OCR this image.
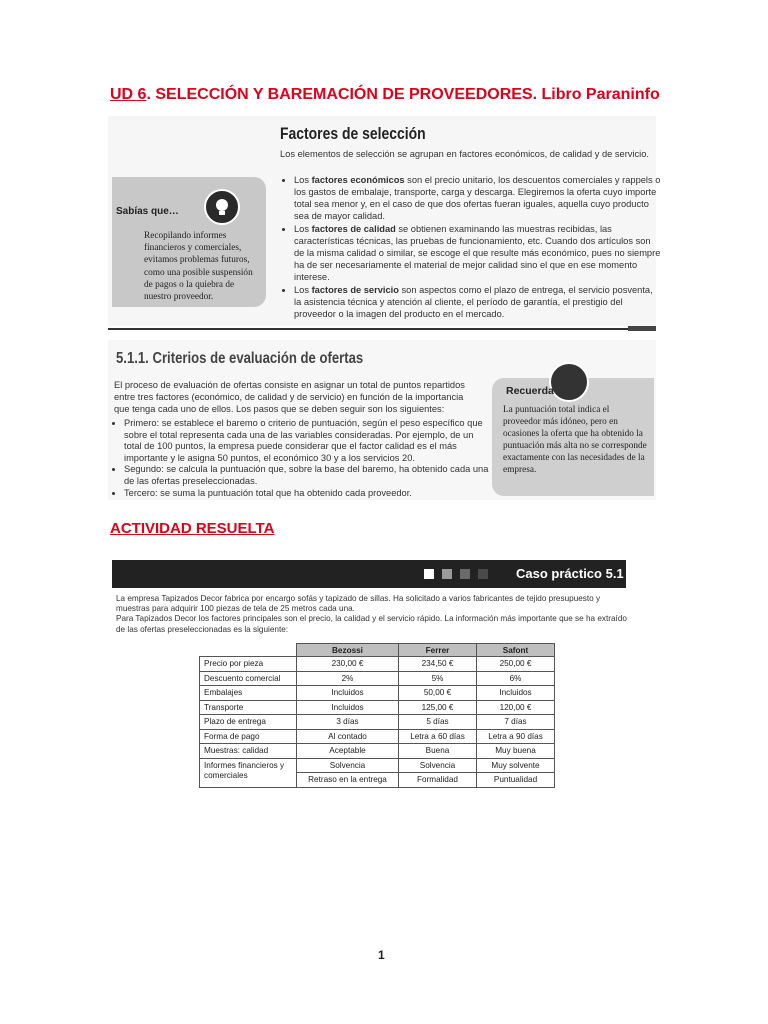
UD 6. SELECCIÓN Y BAREMACIÓN DE PROVEEDORES. Libro Paraninfo
Factores de selección
Los elementos de selección se agrupan en factores económicos, de calidad y de servicio.
• Los factores económicos son el precio unitario, los descuentos comerciales y rappels o los gastos de embalaje, transporte, carga y descarga. Elegiremos la oferta cuyo importe total sea menor y, en el caso de que dos ofertas fueran iguales, aquella cuyo producto sea de mayor calidad.
• Los factores de calidad se obtienen examinando las muestras recibidas, las características técnicas, las pruebas de funcionamiento, etc. Cuando dos artículos son de la misma calidad o similar, se escoge el que resulte más económico, pues no siempre ha de ser necesariamente el material de mejor calidad sino el que en ese momento interese.
• Los factores de servicio son aspectos como el plazo de entrega, el servicio posventa, la asistencia técnica y atención al cliente, el período de garantía, el prestigio del proveedor o la imagen del producto en el mercado.
Sabías que…
Recopilando informes financieros y comerciales, evitamos problemas futuros, como una posible suspensión de pagos o la quiebra de nuestro proveedor.
5.1.1. Criterios de evaluación de ofertas
El proceso de evaluación de ofertas consiste en asignar un total de puntos repartidos entre tres factores (económico, de calidad y de servicio) en función de la importancia que tenga cada uno de ellos. Los pasos que se deben seguir son los siguientes:
• Primero: se establece el baremo o criterio de puntuación, según el peso específico que sobre el total representa cada una de las variables consideradas. Por ejemplo, de un total de 100 puntos, la empresa puede considerar que el factor calidad es el más importante y le asigna 50 puntos, el económico 30 y a los servicios 20.
• Segundo: se calcula la puntuación que, sobre la base del baremo, ha obtenido cada una de las ofertas preseleccionadas.
• Tercero: se suma la puntuación total que ha obtenido cada proveedor.
Recuerda
La puntuación total indica el proveedor más idóneo, pero en ocasiones la oferta que ha obtenido la puntuación más alta no se corresponde exactamente con las necesidades de la empresa.
ACTIVIDAD RESUELTA
Caso práctico 5.1
La empresa Tapizados Decor fabrica por encargo sofás y tapizado de sillas. Ha solicitado a varios fabricantes de tejido presupuesto y muestras para adquirir 100 piezas de tela de 25 metros cada una.
Para Tapizados Decor los factores principales son el precio, la calidad y el servicio rápido. La información más importante que se ha extraído de las ofertas preseleccionadas es la siguiente:
	Bezossi	Ferrer	Safont
Precio por pieza	230,00 €	234,50 €	250,00 €
Descuento comercial	2%	5%	6%
Embalajes	Incluidos	50,00 €	Incluidos
Transporte	Incluidos	125,00 €	120,00 €
Plazo de entrega	3 días	5 días	7 días
Forma de pago	Al contado	Letra a 60 días	Letra a 90 días
Muestras: calidad	Aceptable	Buena	Muy buena
Informes financieros y comerciales	Solvencia	Solvencia	Muy solvente
	Retraso en la entrega	Formalidad	Puntualidad
1
